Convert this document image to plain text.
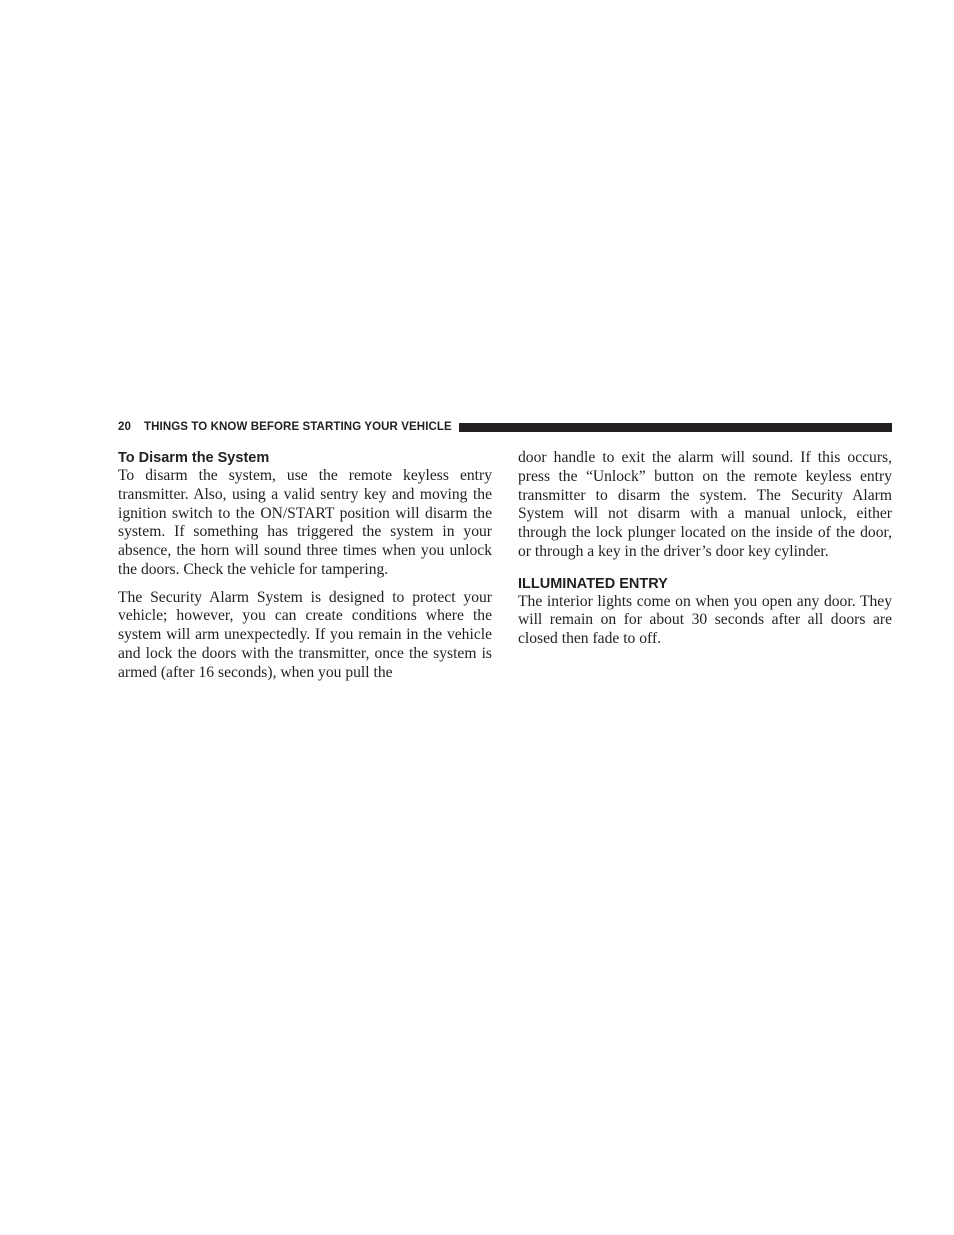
20 THINGS TO KNOW BEFORE STARTING YOUR VEHICLE
To Disarm the System

To disarm the system, use the remote keyless entry transmitter. Also, using a valid sentry key and moving the ignition switch to the ON/START position will disarm the system. If something has triggered the system in your absence, the horn will sound three times when you unlock the doors. Check the vehicle for tampering.

The Security Alarm System is designed to protect your vehicle; however, you can create conditions where the system will arm unexpectedly. If you remain in the vehicle and lock the doors with the transmitter, once the system is armed (after 16 seconds), when you pull the

door handle to exit the alarm will sound. If this occurs, press the “Unlock” button on the remote keyless entry transmitter to disarm the system. The Security Alarm System will not disarm with a manual unlock, either through the lock plunger located on the inside of the door, or through a key in the driver’s door key cylinder.

ILLUMINATED ENTRY

The interior lights come on when you open any door. They will remain on for about 30 seconds after all doors are closed then fade to off.
